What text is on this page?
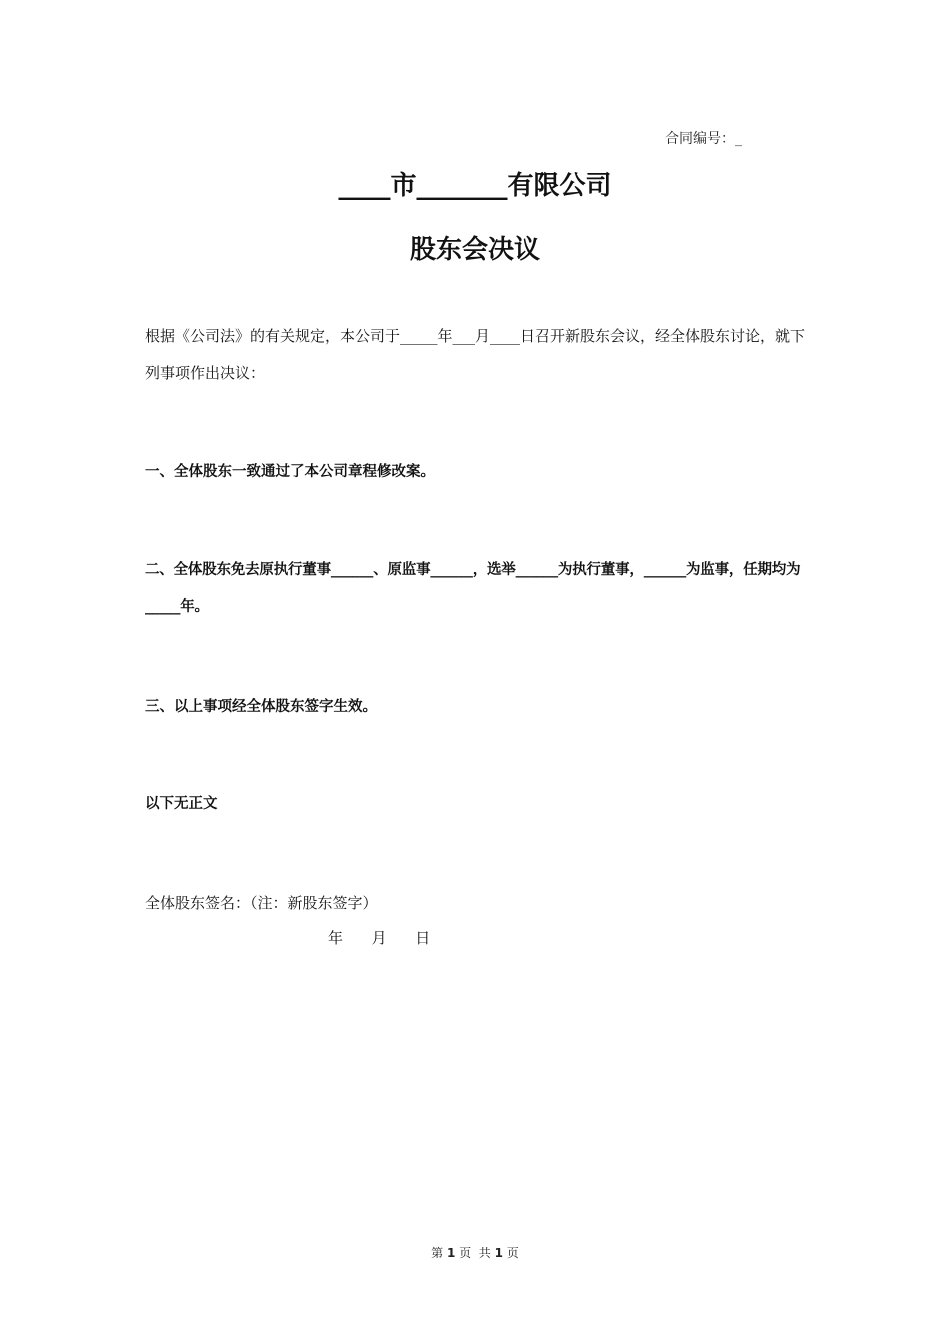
合同编号：_
____市_______有限公司
股东会决议
根据《公司法》的有关规定，本公司于_____年___月____日召开新股东会议，经全体股东讨论，就下列事项作出决议：
一、全体股东一致通过了本公司章程修改案。
二、全体股东免去原执行董事______、原监事______，选举______为执行董事，______为监事，任期均为_____年。
三、以上事项经全体股东签字生效。
以下无正文
全体股东签名：（注：新股东签字）
年      月      日
第 1 页  共 1 页
